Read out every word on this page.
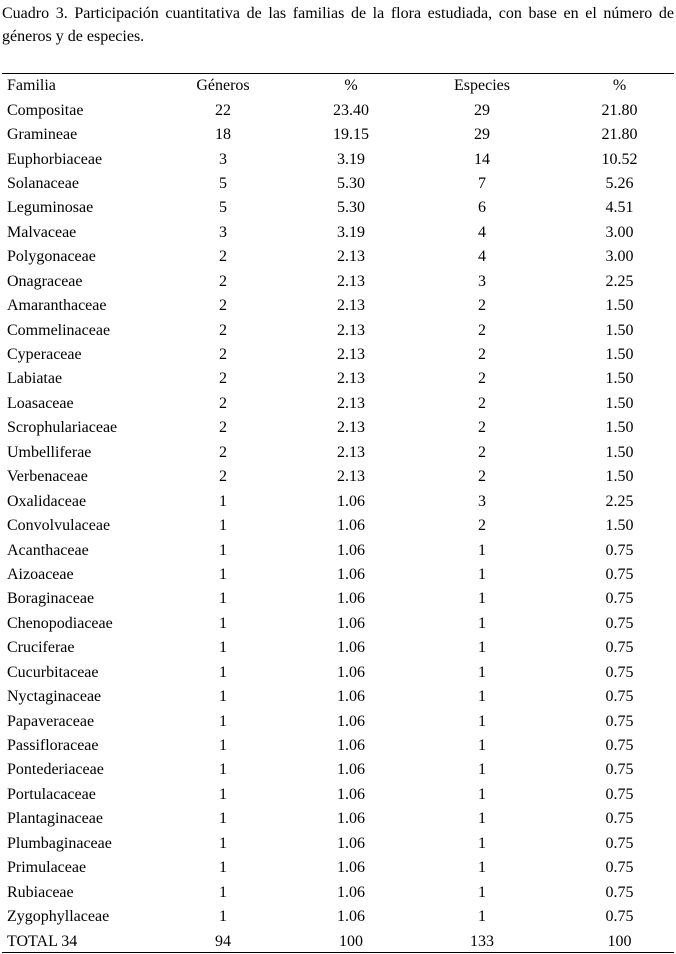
Cuadro 3. Participación cuantitativa de las familias de la flora estudiada, con base en el número de géneros y de especies.
Familia	Géneros	%	Especies	%
Compositae	22	23.40	29	21.80
Gramineae	18	19.15	29	21.80
Euphorbiaceae	3	3.19	14	10.52
Solanaceae	5	5.30	7	5.26
Leguminosae	5	5.30	6	4.51
Malvaceae	3	3.19	4	3.00
Polygonaceae	2	2.13	4	3.00
Onagraceae	2	2.13	3	2.25
Amaranthaceae	2	2.13	2	1.50
Commelinaceae	2	2.13	2	1.50
Cyperaceae	2	2.13	2	1.50
Labiatae	2	2.13	2	1.50
Loasaceae	2	2.13	2	1.50
Scrophulariaceae	2	2.13	2	1.50
Umbelliferae	2	2.13	2	1.50
Verbenaceae	2	2.13	2	1.50
Oxalidaceae	1	1.06	3	2.25
Convolvulaceae	1	1.06	2	1.50
Acanthaceae	1	1.06	1	0.75
Aizoaceae	1	1.06	1	0.75
Boraginaceae	1	1.06	1	0.75
Chenopodiaceae	1	1.06	1	0.75
Cruciferae	1	1.06	1	0.75
Cucurbitaceae	1	1.06	1	0.75
Nyctaginaceae	1	1.06	1	0.75
Papaveraceae	1	1.06	1	0.75
Passifloraceae	1	1.06	1	0.75
Pontederiaceae	1	1.06	1	0.75
Portulacaceae	1	1.06	1	0.75
Plantaginaceae	1	1.06	1	0.75
Plumbaginaceae	1	1.06	1	0.75
Primulaceae	1	1.06	1	0.75
Rubiaceae	1	1.06	1	0.75
Zygophyllaceae	1	1.06	1	0.75
TOTAL 34	94	100	133	100
